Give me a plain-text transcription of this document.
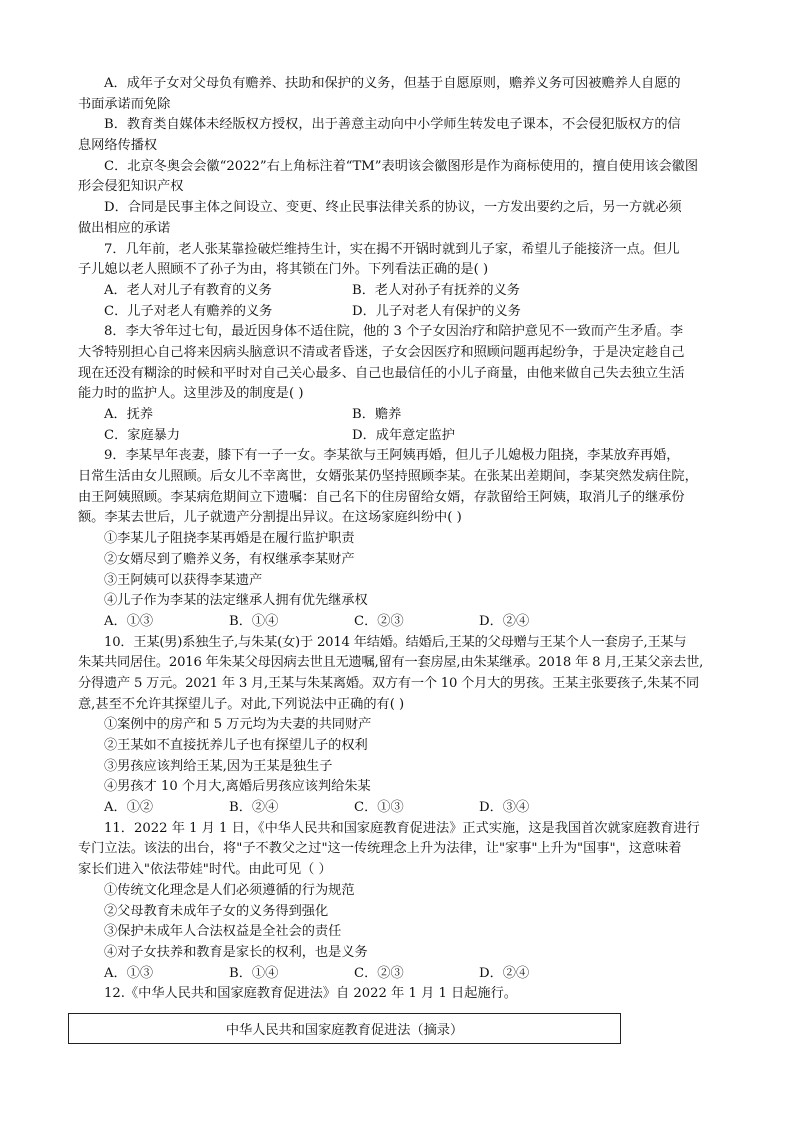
A．成年子女对父母负有赡养、扶助和保护的义务，但基于自愿原则，赡养义务可因被赡养人自愿的
书面承诺而免除
B．教育类自媒体未经版权方授权，出于善意主动向中小学师生转发电子课本，不会侵犯版权方的信
息网络传播权
C．北京冬奥会会徽“2022”右上角标注着“TM”表明该会徽图形是作为商标使用的，擅自使用该会徽图
形会侵犯知识产权
D．合同是民事主体之间设立、变更、终止民事法律关系的协议，一方发出要约之后，另一方就必须
做出相应的承诺
7．几年前，老人张某靠捡破烂维持生计，实在揭不开锅时就到儿子家，希望儿子能接济一点。但儿
子儿媳以老人照顾不了孙子为由，将其锁在门外。下列看法正确的是( )
A．老人对儿子有教育的义务	B．老人对孙子有抚养的义务
C．儿子对老人有赡养的义务	D．儿子对老人有保护的义务
8．李大爷年过七旬，最近因身体不适住院，他的 3 个子女因治疗和陪护意见不一致而产生矛盾。李
大爷特别担心自己将来因病头脑意识不清或者昏迷，子女会因医疗和照顾问题再起纷争，于是决定趁自己
现在还没有糊涂的时候和平时对自己关心最多、自己也最信任的小儿子商量，由他来做自己失去独立生活
能力时的监护人。这里涉及的制度是( )
A．抚养	B．赡养
C．家庭暴力	D．成年意定监护
9．李某早年丧妻，膝下有一子一女。李某欲与王阿姨再婚，但儿子儿媳极力阻挠，李某放弃再婚，
日常生活由女儿照顾。后女儿不幸离世，女婿张某仍坚持照顾李某。在张某出差期间，李某突然发病住院，
由王阿姨照顾。李某病危期间立下遗嘱：自己名下的住房留给女婿，存款留给王阿姨，取消儿子的继承份
额。李某去世后，儿子就遗产分割提出异议。在这场家庭纠纷中( )
①李某儿子阻挠李某再婚是在履行监护职责
②女婿尽到了赡养义务，有权继承李某财产
③王阿姨可以获得李某遗产
④儿子作为李某的法定继承人拥有优先继承权
A．①③	B．①④	C．②③	D．②④
10．王某(男)系独生子,与朱某(女)于 2014 年结婚。结婚后,王某的父母赠与王某个人一套房子,王某与
朱某共同居住。2016 年朱某父母因病去世且无遗嘱,留有一套房屋,由朱某继承。2018 年 8 月,王某父亲去世,
分得遗产 5 万元。2021 年 3 月,王某与朱某离婚。双方有一个 10 个月大的男孩。王某主张要孩子,朱某不同
意,甚至不允许其探望儿子。对此,下列说法中正确的有( )
①案例中的房产和 5 万元均为夫妻的共同财产
②王某如不直接抚养儿子也有探望儿子的权利
③男孩应该判给王某,因为王某是独生子
④男孩才 10 个月大,离婚后男孩应该判给朱某
A．①②	B．②④	C．①③	D．③④
11．2022 年 1 月 1 日，《中华人民共和国家庭教育促进法》正式实施，这是我国首次就家庭教育进行
专门立法。该法的出台，将"子不教父之过"这一传统理念上升为法律，让"家事"上升为"国事"，这意味着
家长们进入"依法带娃"时代。由此可见（ ）
①传统文化理念是人们必须遵循的行为规范
②父母教育未成年子女的义务得到强化
③保护未成年人合法权益是全社会的责任
④对子女扶养和教育是家长的权利，也是义务
A．①③	B．①④	C．②③	D．②④
12.《中华人民共和国家庭教育促进法》自 2022 年 1 月 1 日起施行。
中华人民共和国家庭教育促进法（摘录）
